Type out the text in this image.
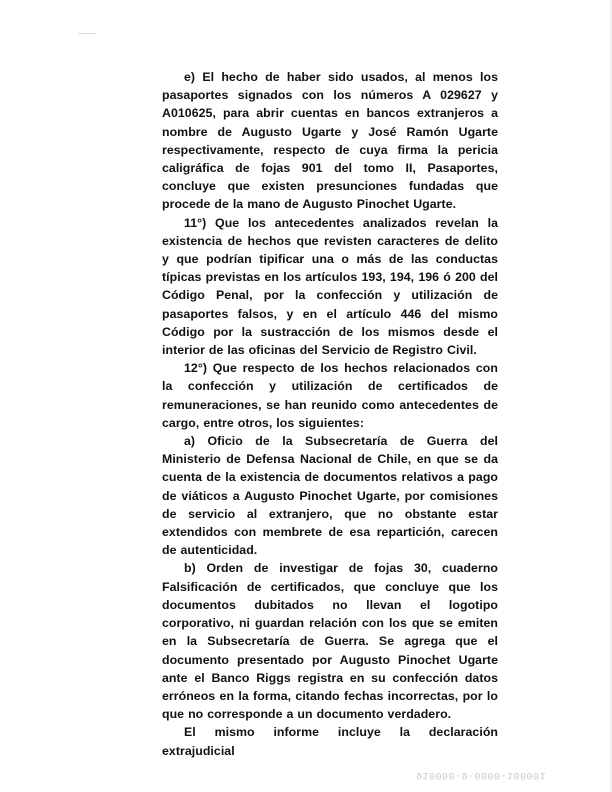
e) El hecho de haber sido usados, al menos los pasaportes signados con los números A 029627 y A010625, para abrir cuentas en bancos extranjeros a nombre de Augusto Ugarte y José Ramón Ugarte respectivamente, respecto de cuya firma la pericia caligráfica de fojas 901 del tomo II, Pasaportes, concluye que existen presunciones fundadas que procede de la mano de Augusto Pinochet Ugarte.

11°) Que los antecedentes analizados revelan la existencia de hechos que revisten caracteres de delito y que podrían tipificar una o más de las conductas típicas previstas en los artículos 193, 194, 196 ó 200 del Código Penal, por la confección y utilización de pasaportes falsos, y en el artículo 446 del mismo Código por la sustracción de los mismos desde el interior de las oficinas del Servicio de Registro Civil.

12°) Que respecto de los hechos relacionados con la confección y utilización de certificados de remuneraciones, se han reunido como antecedentes de cargo, entre otros, los siguientes:

a) Oficio de la Subsecretaría de Guerra del Ministerio de Defensa Nacional de Chile, en que se da cuenta de la existencia de documentos relativos a pago de viáticos a Augusto Pinochet Ugarte, por comisiones de servicio al extranjero, que no obstante estar extendidos con membrete de esa repartición, carecen de autenticidad.

b) Orden de investigar de fojas 30, cuaderno Falsificación de certificados, que concluye que los documentos dubitados no llevan el logotipo corporativo, ni guardan relación con los que se emiten en la Subsecretaría de Guerra. Se agrega que el documento presentado por Augusto Pinochet Ugarte ante el Banco Riggs registra en su confección datos erróneos en la forma, citando fechas incorrectas, por lo que no corresponde a un documento verdadero.

El mismo informe incluye la declaración extrajudicial

910000-9-0000-100001
